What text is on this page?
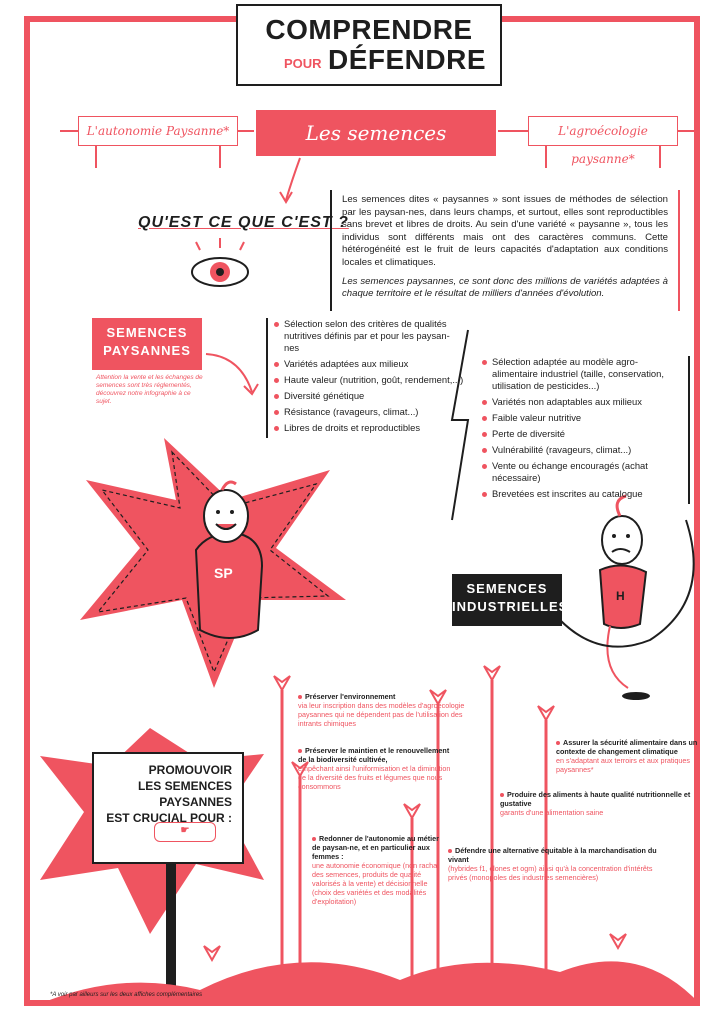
SP
H
COMPRENDRE
POUR DÉFENDRE
L'autonomie Paysanne*	Les semences paysannes
L'agroécologie paysanne*
QU'EST CE QUE C'EST ?

Les semences dites « paysannes » sont issues de méthodes de sélection par les paysan-nes, dans leurs champs, et surtout, elles sont reproductibles sans brevet et libres de droits. Au sein d'une variété « paysanne », tous les individus sont différents mais ont des caractères communs. Cette hétérogénéité est le fruit de leurs capacités d'adaptation aux conditions locales et climatiques.

Les semences paysannes, ce sont donc des millions de variétés adaptées à chaque territoire et le résultat de milliers d'années d'évolution.

SEMENCES
PAYSANNES
Attention la vente et les échanges de semences sont très réglementés, découvrez notre infographie à ce sujet.
Sélection selon des critères de qualités nutritives définis par et pour les paysan-nes
Variétés adaptées aux milieux
Haute valeur (nutrition, goût, rendement,...)
Diversité génétique
Résistance (ravageurs, climat...)
Libres de droits et reproductibles
Sélection adaptée au modèle agro-alimentaire industriel (taille, conservation, utilisation de pesticides...)
Variétés non adaptables aux milieux
Faible valeur nutritive
Perte de diversité
Vulnérabilité (ravageurs, climat...)
Vente ou échange encouragés (achat nécessaire)
Brevetées est inscrites au catalogue
SEMENCES
INDUSTRIELLES
PROMOUVOIR
LES SEMENCES PAYSANNES
EST CRUCIAL POUR :
☛
Préserver l'environnement
via leur inscription dans des modèles d'agroécologie paysannes qui ne dépendent pas de l'utilisation des intrants chimiques
Préserver le maintien et le renouvellement de la biodiversité cultivée,
empêchant ainsi l'uniformisation et la diminution de la diversité des fruits et légumes que nous consommons
Redonner de l'autonomie au métier de paysan-ne, et en particulier aux femmes :
une autonomie économique (non rachat des semences, produits de qualité valorisés à la vente) et décisionnelle (choix des variétés et des modalités d'exploitation)
Assurer la sécurité alimentaire dans un contexte de changement climatique
en s'adaptant aux terroirs et aux pratiques paysannes*
Produire des aliments à haute qualité nutritionnelle et gustative
garants d'une alimentation saine
Défendre une alternative équitable à la marchandisation du vivant
(hybrides f1, clones et ogm) ainsi qu'à la concentration d'intérêts privés (monopoles des industries semencières)
*A voir par ailleurs sur les deux affiches complémentaires
